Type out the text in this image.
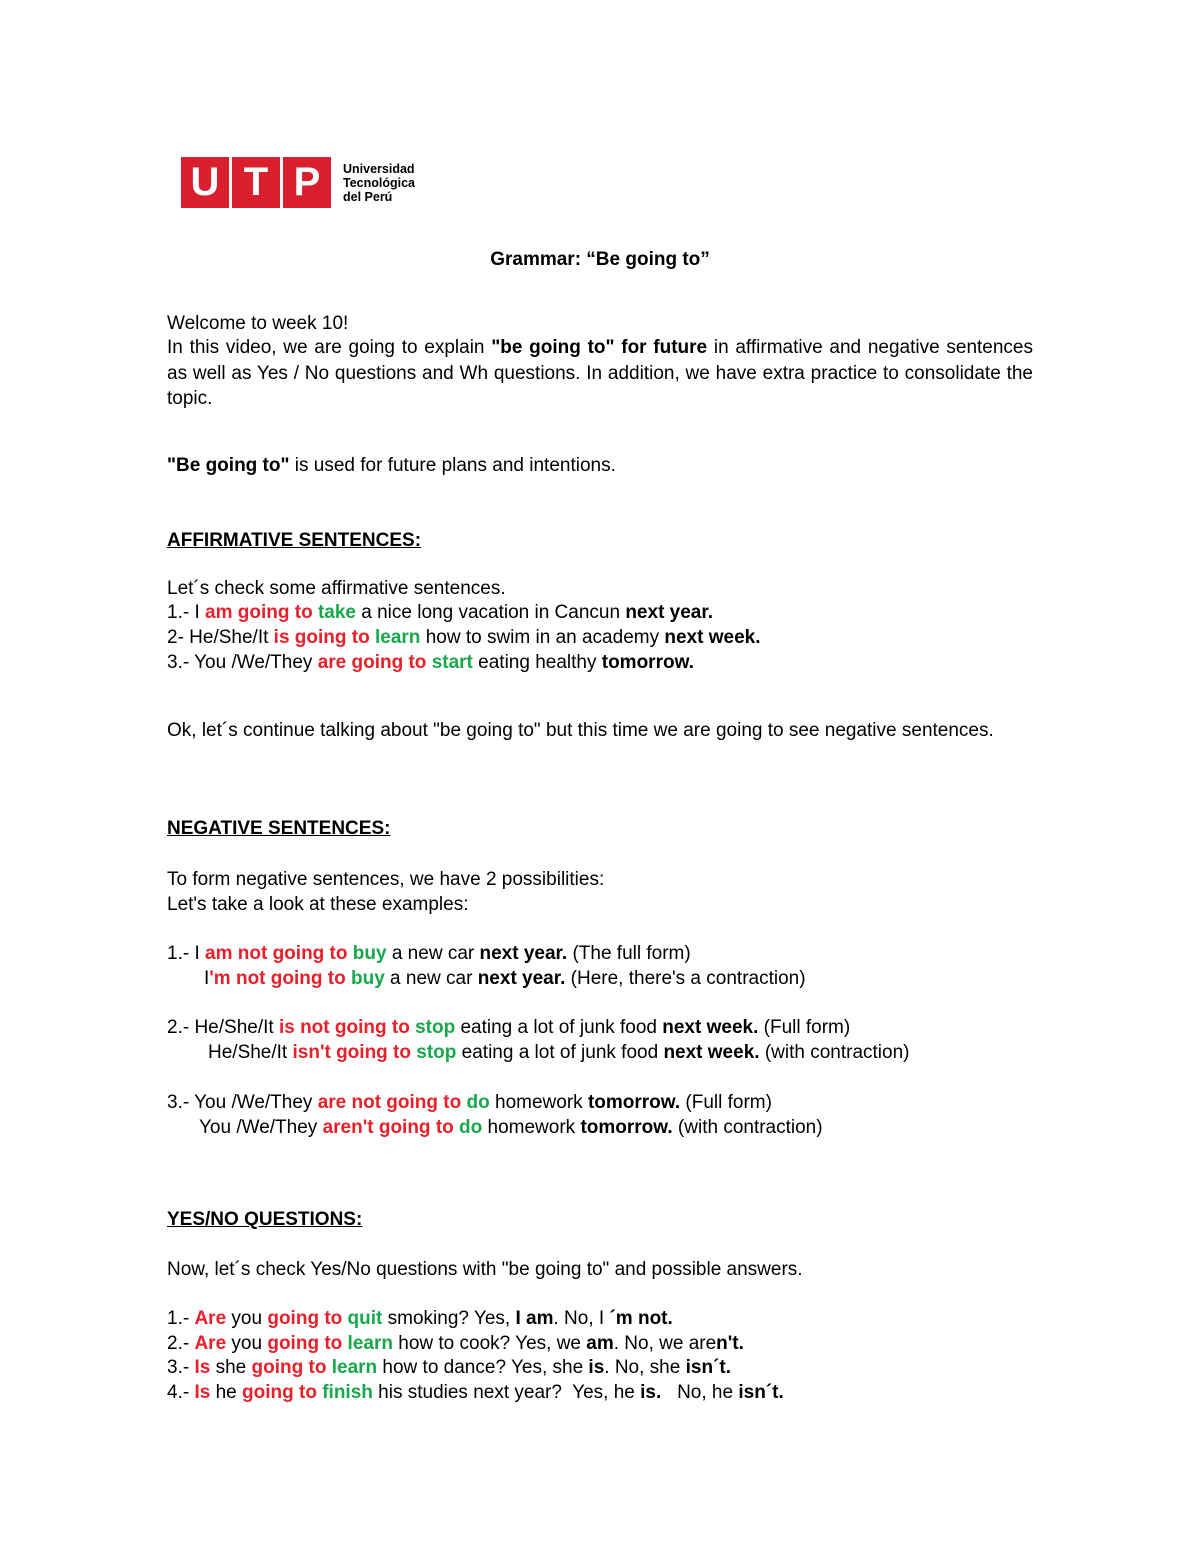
U T P	Universidad
Tecnológica
del Perú
Grammar: “Be going to”
Welcome to week 10!
In this video, we are going to explain "be going to" for future in affirmative and negative sentences as well as Yes / No questions and Wh questions. In addition, we have extra practice to consolidate the topic.
"Be going to" is used for future plans and intentions.
AFFIRMATIVE SENTENCES:
Let´s check some affirmative sentences.
1.- I am going to take a nice long vacation in Cancun next year.
2- He/She/It is going to learn how to swim in an academy next week.
3.- You /We/They are going to start eating healthy tomorrow.
Ok, let´s continue talking about "be going to" but this time we are going to see negative sentences.
NEGATIVE SENTENCES:
To form negative sentences, we have 2 possibilities:
Let's take a look at these examples:
1.- I am not going to buy a new car next year. (The full form)
I'm not going to buy a new car next year. (Here, there's a contraction)
2.- He/She/It is not going to stop eating a lot of junk food next week. (Full form)
He/She/It isn't going to stop eating a lot of junk food next week. (with contraction)
3.- You /We/They are not going to do homework tomorrow. (Full form)
You /We/They aren't going to do homework tomorrow. (with contraction)
YES/NO QUESTIONS:
Now, let´s check Yes/No questions with "be going to" and possible answers.
1.- Are you going to quit smoking? Yes, I am. No, I ´m not.
2.- Are you going to learn how to cook? Yes, we am. No, we aren't.
3.- Is she going to learn how to dance? Yes, she is. No, she isn´t.
4.- Is he going to finish his studies next year?  Yes, he is.   No, he isn´t.
